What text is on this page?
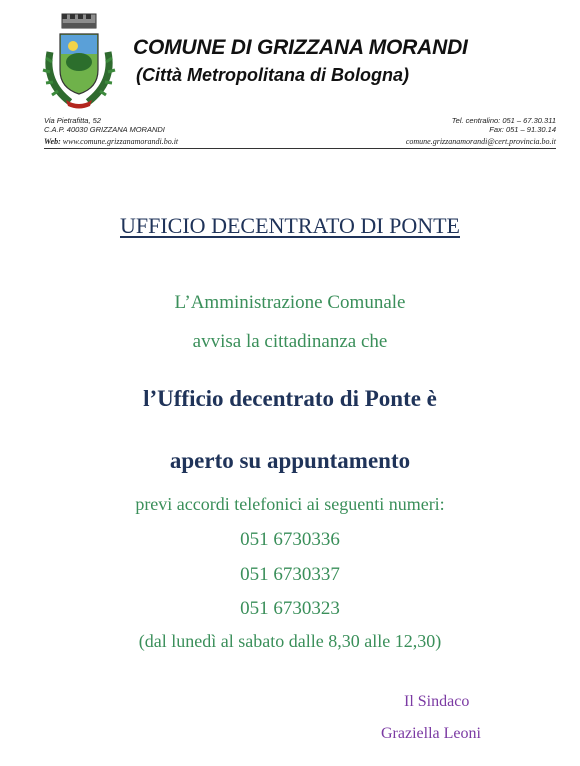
COMUNE DI GRIZZANA MORANDI
(Città Metropolitana di Bologna)
Via Pietrafitta, 52
C.A.P. 40030 GRIZZANA MORANDI
Tel. centralino: 051 – 67.30.311
Fax: 051 – 91.30.14
Web: www.comune.grizzanamorandi.bo.it	comune.grizzanamorandi@cert.provincia.bo.it
UFFICIO DECENTRATO DI PONTE
L’Amministrazione Comunale
avvisa la cittadinanza che
l’Ufficio decentrato di Ponte è
aperto su appuntamento
previ accordi telefonici ai seguenti numeri:
051 6730336
051 6730337
051 6730323
(dal lunedì al sabato dalle 8,30 alle 12,30)
Il Sindaco
Graziella Leoni
